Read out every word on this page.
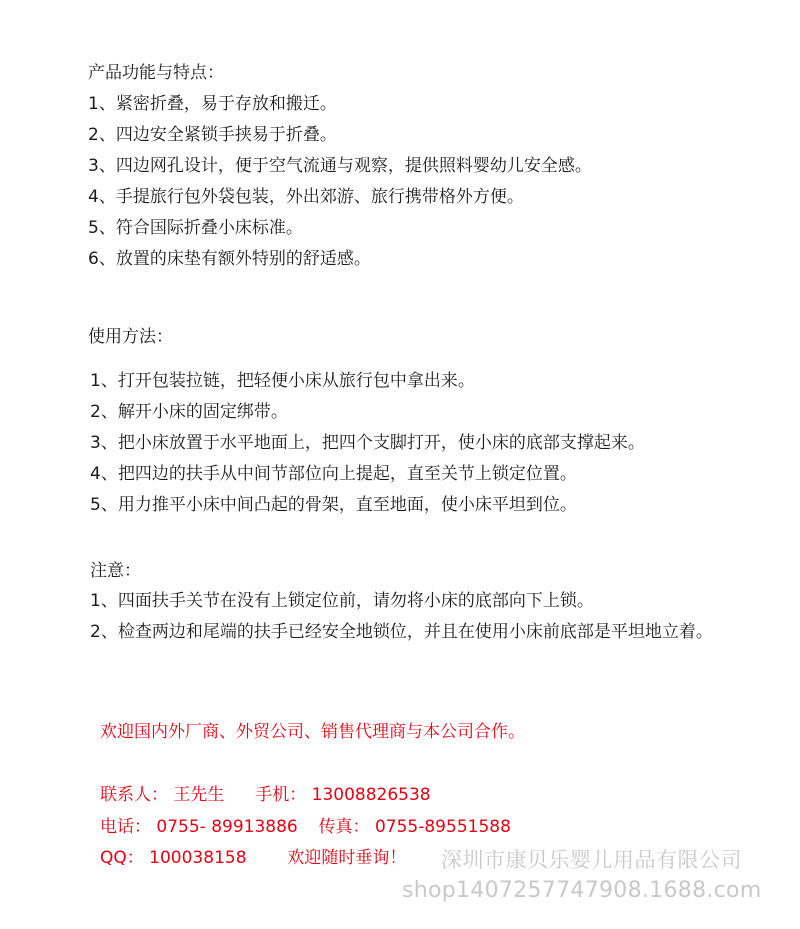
产品功能与特点：
1、紧密折叠，易于存放和搬迁。
2、四边安全紧锁手挟易于折叠。
3、四边网孔设计，便于空气流通与观察，提供照料婴幼儿安全感。
4、手提旅行包外袋包装，外出郊游、旅行携带格外方便。
5、符合国际折叠小床标准。
6、放置的床垫有额外特别的舒适感。
使用方法：
1、打开包装拉链，把轻便小床从旅行包中拿出来。
2、解开小床的固定绑带。
3、把小床放置于水平地面上，把四个支脚打开，使小床的底部支撑起来。
4、把四边的扶手从中间节部位向上提起，直至关节上锁定位置。
5、用力推平小床中间凸起的骨架，直至地面，使小床平坦到位。
注意：
1、四面扶手关节在没有上锁定位前，请勿将小床的底部向下上锁。
2、检查两边和尾端的扶手已经安全地锁位，并且在使用小床前底部是平坦地立着。
欢迎国内外厂商、外贸公司、销售代理商与本公司合作。
联系人： 王先生 手机： 13008826538
电话： 0755- 89913886 传真： 0755-89551588
QQ： 100038158 欢迎随时垂询！ 深圳市康贝乐婴儿用品有限公司
shop1407257747908.1688.com
